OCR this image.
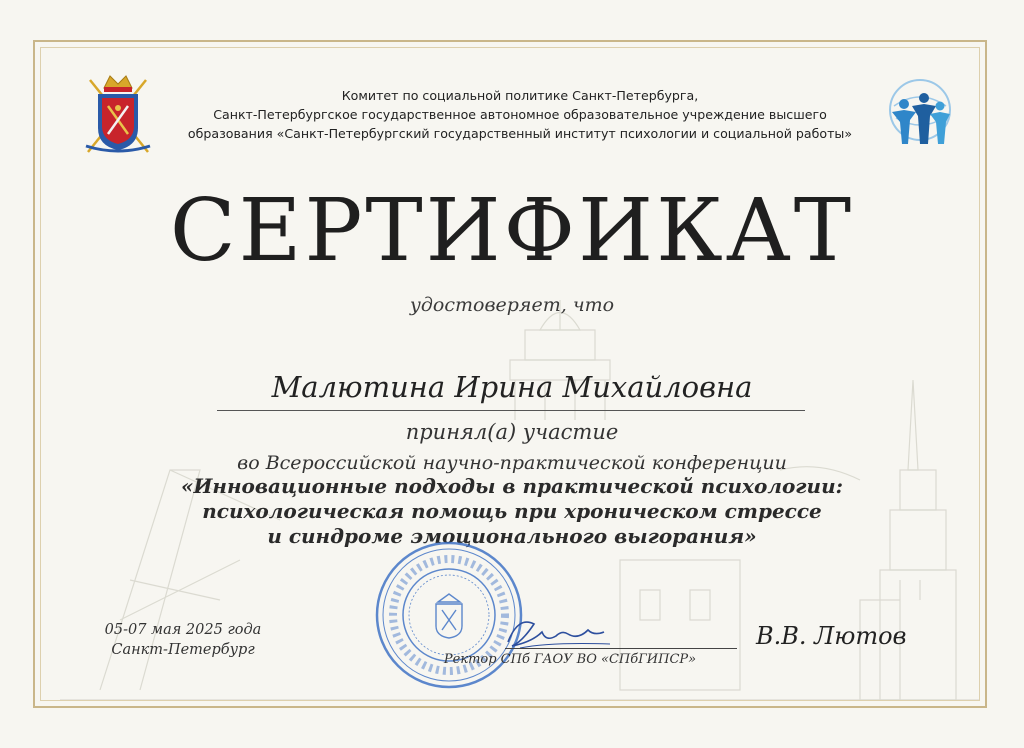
Комитет по социальной политике Санкт-Петербурга,
Санкт-Петербургское государственное автономное образовательное учреждение высшего
образования «Санкт-Петербургский государственный институт психологии и социальной работы»
СЕРТИФИКАТ
удостоверяет, что
Малютина Ирина Михайловна
принял(а) участие
во Всероссийской научно-практической конференции
«Инновационные подходы в практической психологии:
психологическая помощь при хроническом стрессе
и синдроме эмоционального выгорания»
05-07 мая 2025 года
Санкт-Петербург
Ректор СПб ГАОУ ВО «СПбГИПСР»
В.В. Лютов
